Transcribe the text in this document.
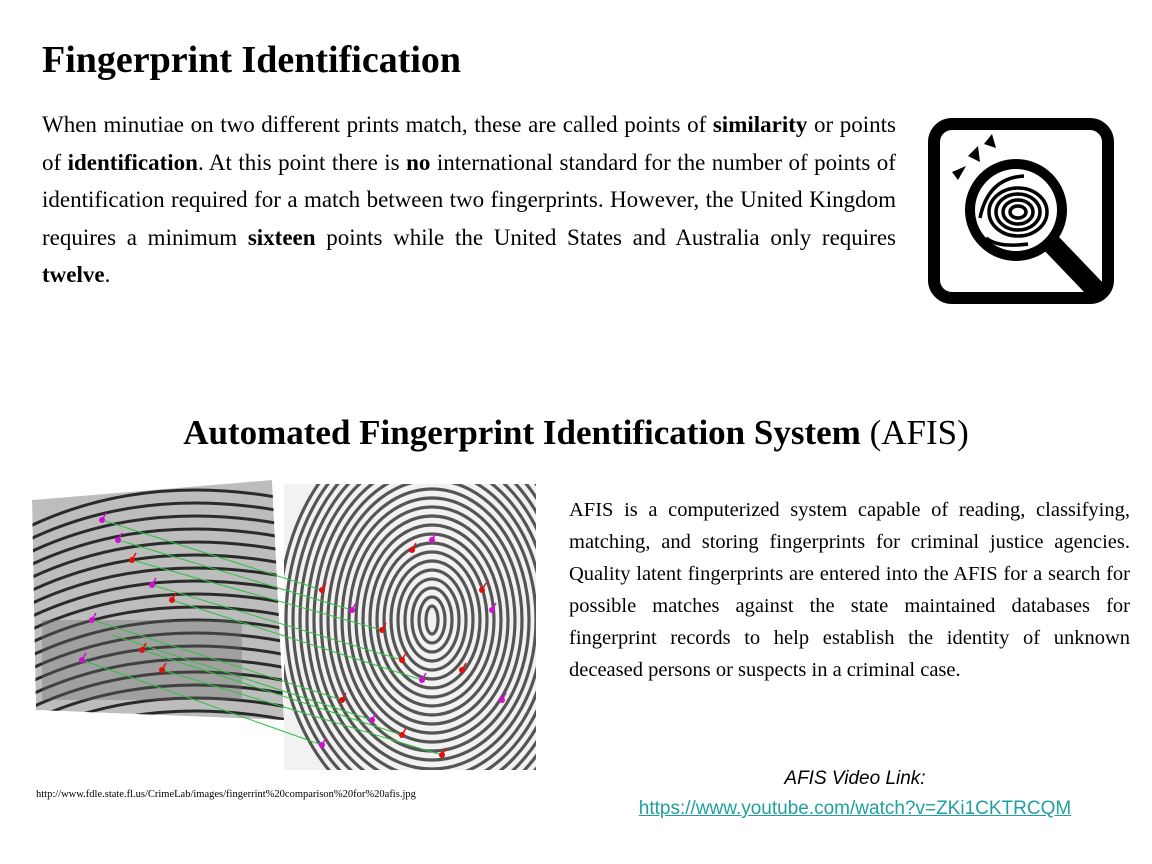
Fingerprint Identification

When minutiae on two different prints match, these are called points of similarity or points of identification. At this point there is no international standard for the number of points of identification required for a match between two fingerprints. However, the United Kingdom requires a minimum sixteen points while the United States and Australia only requires twelve.

Automated Fingerprint Identification System (AFIS)
http://www.fdle.state.fl.us/CrimeLab/images/fingerrint%20comparison%20for%20afis.jpg

AFIS is a computerized system capable of reading, classifying, matching, and storing fingerprints for criminal justice agencies. Quality latent fingerprints are entered into the AFIS for a search for possible matches against the state maintained databases for fingerprint records to help establish the identity of unknown deceased persons or suspects in a criminal case.

AFIS Video Link:
https://www.youtube.com/watch?v=ZKi1CKTRCQM
